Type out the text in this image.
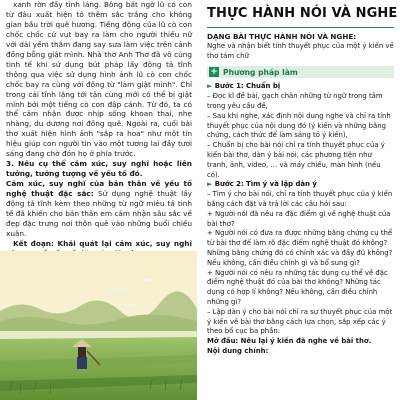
xanh rờn đầy tình láng. Bông bất ngờ lũ có con từ đâu xuất hiện tô thêm sắc trắng cho không gian bầu trời quê hương. Tiếng động của lũ cò con chốc chốc cứ vụt bay ra làm cho người thiếu nữ với dải yếm thắm đang say sưa làm việc trên cánh đồng bỗng giật mình. Nhà thơ Anh Thơ đã vô cùng tinh tế khi sử dụng bút pháp lấy động tả tĩnh thông qua việc sử dụng hình ảnh lũ cò con chốc chốc bay ra cùng với động từ "làm giật mình". Chỉ trong cái tĩnh lặng tới tận cùng mới có thể bị giật mình bởi một tiếng cò con đập cánh. Từ đó, ta có thể cảm nhận được nhịp sống khoan thai, nhẹ nhàng, du dương nơi đồng quê. Ngoài ra, cuối bài thơ xuất hiện hình ảnh "sắp ra hoa" như một tín hiệu giúp con người tin vào một tương lai đầy tươi sáng đang chờ đón họ ở phía trước.

3. Nêu cụ thể cảm xúc, suy nghĩ hoặc liên tưởng, tưởng tượng về yếu tố đó.

Cảm xúc, suy nghĩ của bản thân về yếu tố nghệ thuật đặc sắc: Sử dụng nghệ thuật lấy động tả tĩnh kèm theo những từ ngữ miêu tả tinh tế đã khiến cho bản thân em cảm nhận sâu sắc về đẹp đặc trưng nơi thôn quê vào những buổi chiều xuân.

Kết đoạn: Khái quát lại cảm xúc, suy nghĩ

THỰC HÀNH NÓI VÀ NGHE

DẠNG BÀI THỰC HÀNH NÓI VÀ NGHE:

Nghe và nhận biết tính thuyết phục của một ý kiến về thơ tám chữ

+ Phương pháp làm

► Bước 1: Chuẩn bị

– Đọc kĩ đề bài, gạch chân những từ ngữ trong tâm trong yêu cầu đề,

– Sau khi nghe, xác định nội dung nghe và chỉ ra tính thuyết phục của nội dung đó (ý kiến và những bằng chứng, cách thức để làm sáng tỏ ý kiến),

– Chuẩn bị cho bài nói chỉ ra tính thuyết phục của ý kiến bài thơ, dàn ý bài nói, các phương tiện như tranh, ảnh, video, … và máy chiếu, màn hình (nếu có).

► Bước 2: Tìm ý và lập dàn ý

– Tìm ý cho bài nói, chỉ ra tính thuyết phục của ý kiến bằng cách đặt và trả lời các câu hỏi sau:

+ Người nói đã nêu ra đặc điểm gì về nghệ thuật của bài thơ?

+ Người nói có đưa ra được những bằng chứng cụ thể từ bài thơ để làm rõ đặc điểm nghệ thuật đó không? Những bằng chứng đó có chính xác và đầy đủ không? Nếu không, cần điều chỉnh gì và bổ sung gì?

+ Người nói có nêu ra những tác dụng cụ thể về đặc điểm nghệ thuật đó của bài thơ không? Những tác dụng có hợp lí không? Nếu không, cần điều chỉnh những gì?

– Lập dàn ý cho bài nói chỉ ra sự thuyết phục của một ý kiến về bài thơ bằng cách lựa chọn, sắp xếp các ý theo bố cục ba phần:

Mở đầu: Nêu lại ý kiến đã nghe về bài thơ.

Nội dung chính:
